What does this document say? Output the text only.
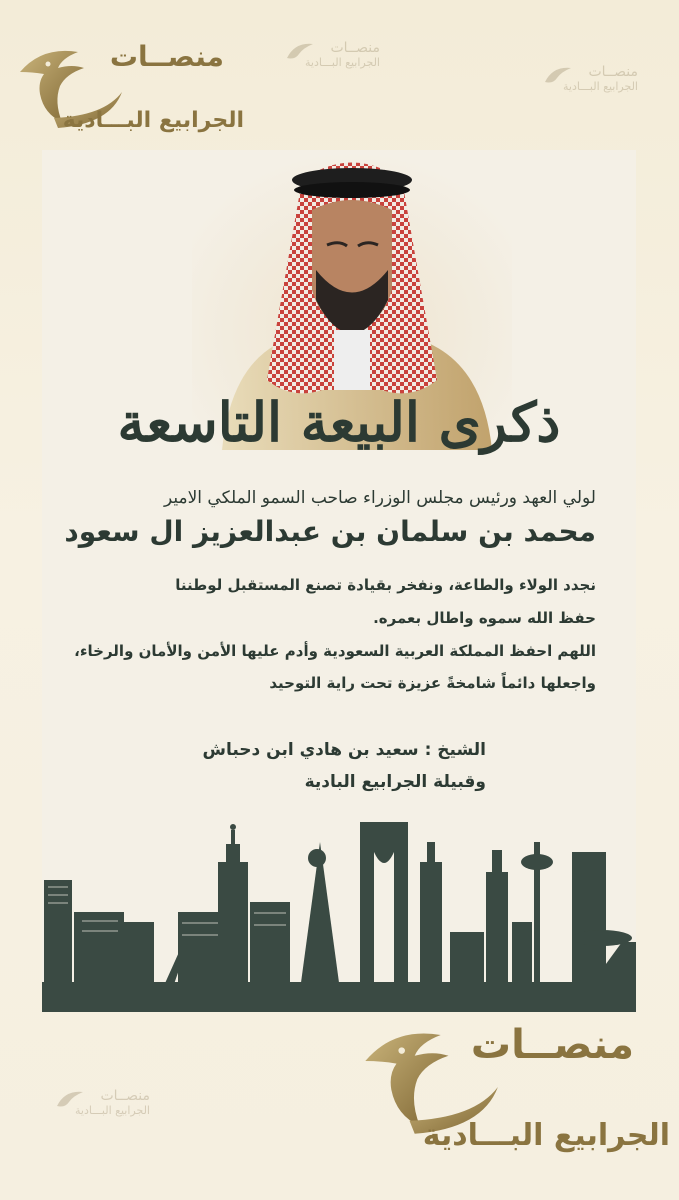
منصــات
الجرابيع البـــادية
منصــات
الجرابيع البـــادية
منصــات
الجرابيع البـــادية
منصــات
الجرابيع البـــادية
ذكرى البيعة التاسعة
لولي العهد ورئيس مجلس الوزراء صاحب السمو الملكي الامير
محمد بن سلمان بن عبدالعزيز ال سعود
نجدد الولاء والطاعة، ونفخر بقيادة تصنع المستقبل لوطننا
حفظ الله سموه واطال بعمره.
اللهم احفظ المملكة العربية السعودية وأدم عليها الأمن والأمان والرخاء،
واجعلها دائماً شامخةً عزيزة تحت راية التوحيد
الشيخ : سعيد بن هادي ابن دحباش
وقبيلة الجرابيع البادية
منصــات
الجرابيع البـــادية
